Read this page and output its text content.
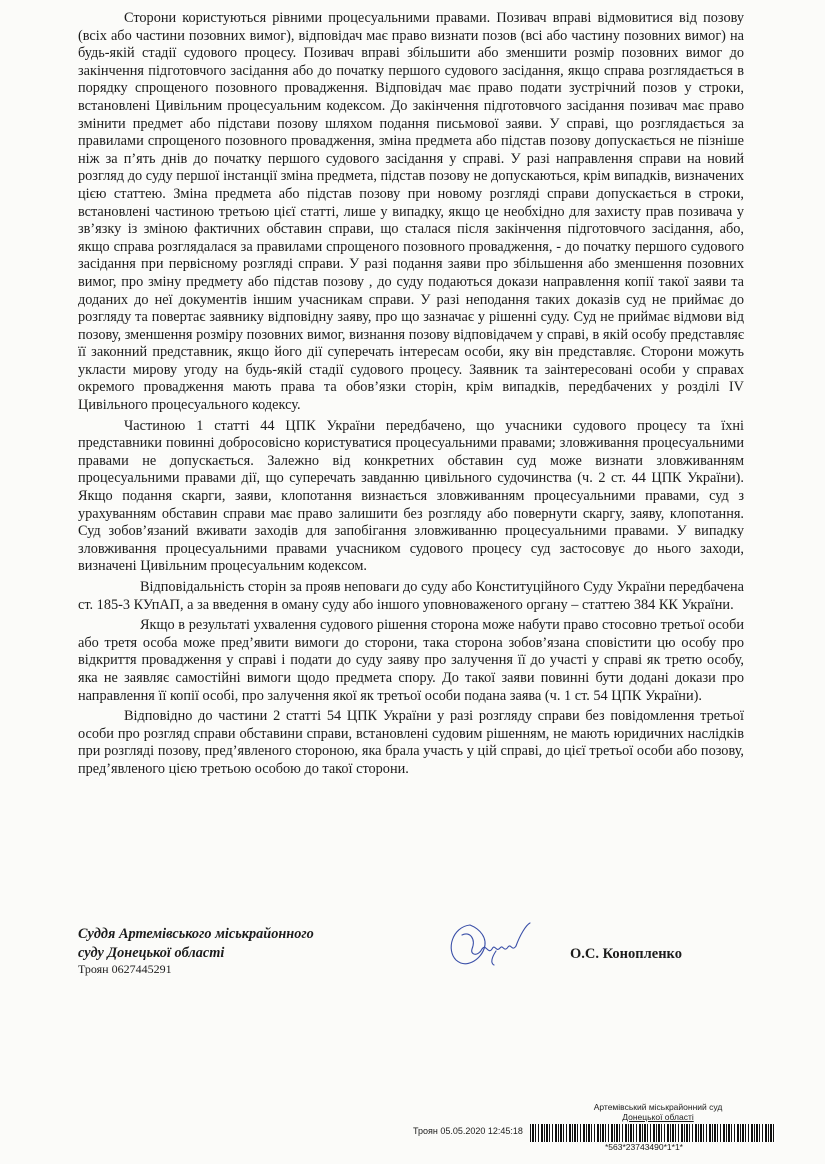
Сторони користуються рівними процесуальними правами. Позивач вправі відмовитися від позову (всіх або частини позовних вимог), відповідач має право визнати позов (всі або частину позовних вимог) на будь-якій стадії судового процесу. Позивач вправі збільшити або зменшити розмір позовних вимог до закінчення підготовчого засідання або до початку першого судового засідання, якщо справа розглядається в порядку спрощеного позовного провадження. Відповідач має право подати зустрічний позов у строки, встановлені Цивільним процесуальним кодексом. До закінчення підготовчого засідання позивач має право змінити предмет або підстави позову шляхом подання письмової заяви. У справі, що розглядається за правилами спрощеного позовного провадження, зміна предмета або підстав позову допускається не пізніше ніж за п’ять днів до початку першого судового засідання у справі. У разі направлення справи на новий розгляд до суду першої інстанції зміна предмета, підстав позову не допускаються, крім випадків, визначених цією статтею. Зміна предмета або підстав позову при новому розгляді справи допускається в строки, встановлені частиною третьою цієї статті, лише у випадку, якщо це необхідно для захисту прав позивача у зв’язку із зміною фактичних обставин справи, що сталася після закінчення підготовчого засідання, або, якщо справа розглядалася за правилами спрощеного позовного провадження, - до початку першого судового засідання при первісному розгляді справи. У разі подання заяви про збільшення або зменшення позовних вимог, про зміну предмету або підстав позову , до суду подаються докази направлення копії такої заяви та доданих до неї документів іншим учасникам справи. У разі неподання таких доказів суд не приймає до розгляду та повертає заявнику відповідну заяву, про що зазначає у рішенні суду. Суд не приймає відмови від позову, зменшення розміру позовних вимог, визнання позову відповідачем у справі, в якій особу представляє її законний представник, якщо його дії суперечать інтересам особи, яку він представляє. Сторони можуть укласти мирову угоду на будь-якій стадії судового процесу. Заявник та заінтересовані особи у справах окремого провадження мають права та обов’язки сторін, крім випадків, передбачених у розділі IV Цивільного процесуального кодексу.

Частиною 1 статті 44 ЦПК України передбачено, що учасники судового процесу та їхні представники повинні добросовісно користуватися процесуальними правами; зловживання процесуальними правами не допускається. Залежно від конкретних обставин суд може визнати зловживанням процесуальними правами дії, що суперечать завданню цивільного судочинства (ч. 2 ст. 44 ЦПК України). Якщо подання скарги, заяви, клопотання визнається зловживанням процесуальними правами, суд з урахуванням обставин справи має право залишити без розгляду або повернути скаргу, заяву, клопотання. Суд зобов’язаний вживати заходів для запобігання зловживанню процесуальними правами. У випадку зловживання процесуальними правами учасником судового процесу суд застосовує до нього заходи, визначені Цивільним процесуальним кодексом.

Відповідальність сторін за прояв неповаги до суду або Конституційного Суду України передбачена ст. 185-3 КУпАП, а за введення в оману суду або іншого уповноваженого органу – статтею 384 КК України.

Якщо в результаті ухвалення судового рішення сторона може набути право стосовно третьої особи або третя особа може пред’явити вимоги до сторони, така сторона зобов’язана сповістити цю особу про відкриття провадження у справі і подати до суду заяву про залучення її до участі у справі як третю особу, яка не заявляє самостійні вимоги щодо предмета спору. До такої заяви повинні бути додані докази про направлення її копії особі, про залучення якої як третьої особи подана заява (ч. 1 ст. 54 ЦПК України).

Відповідно до частини 2 статті 54 ЦПК України у разі розгляду справи без повідомлення третьої особи про розгляд справи обставини справи, встановлені судовим рішенням, не мають юридичних наслідків при розгляді позову, пред’явленого стороною, яка брала участь у цій справі, до цієї третьої особи або позову, пред’явленого цією третьою особою до такої сторони.

Суддя Артемівського міськрайонного
суду Донецької області
Троян 0627445291
О.С. Конопленко
Артемівський міськрайонний суд
Донецької області
Троян 05.05.2020 12:45:18
*563*23743490*1*1*
